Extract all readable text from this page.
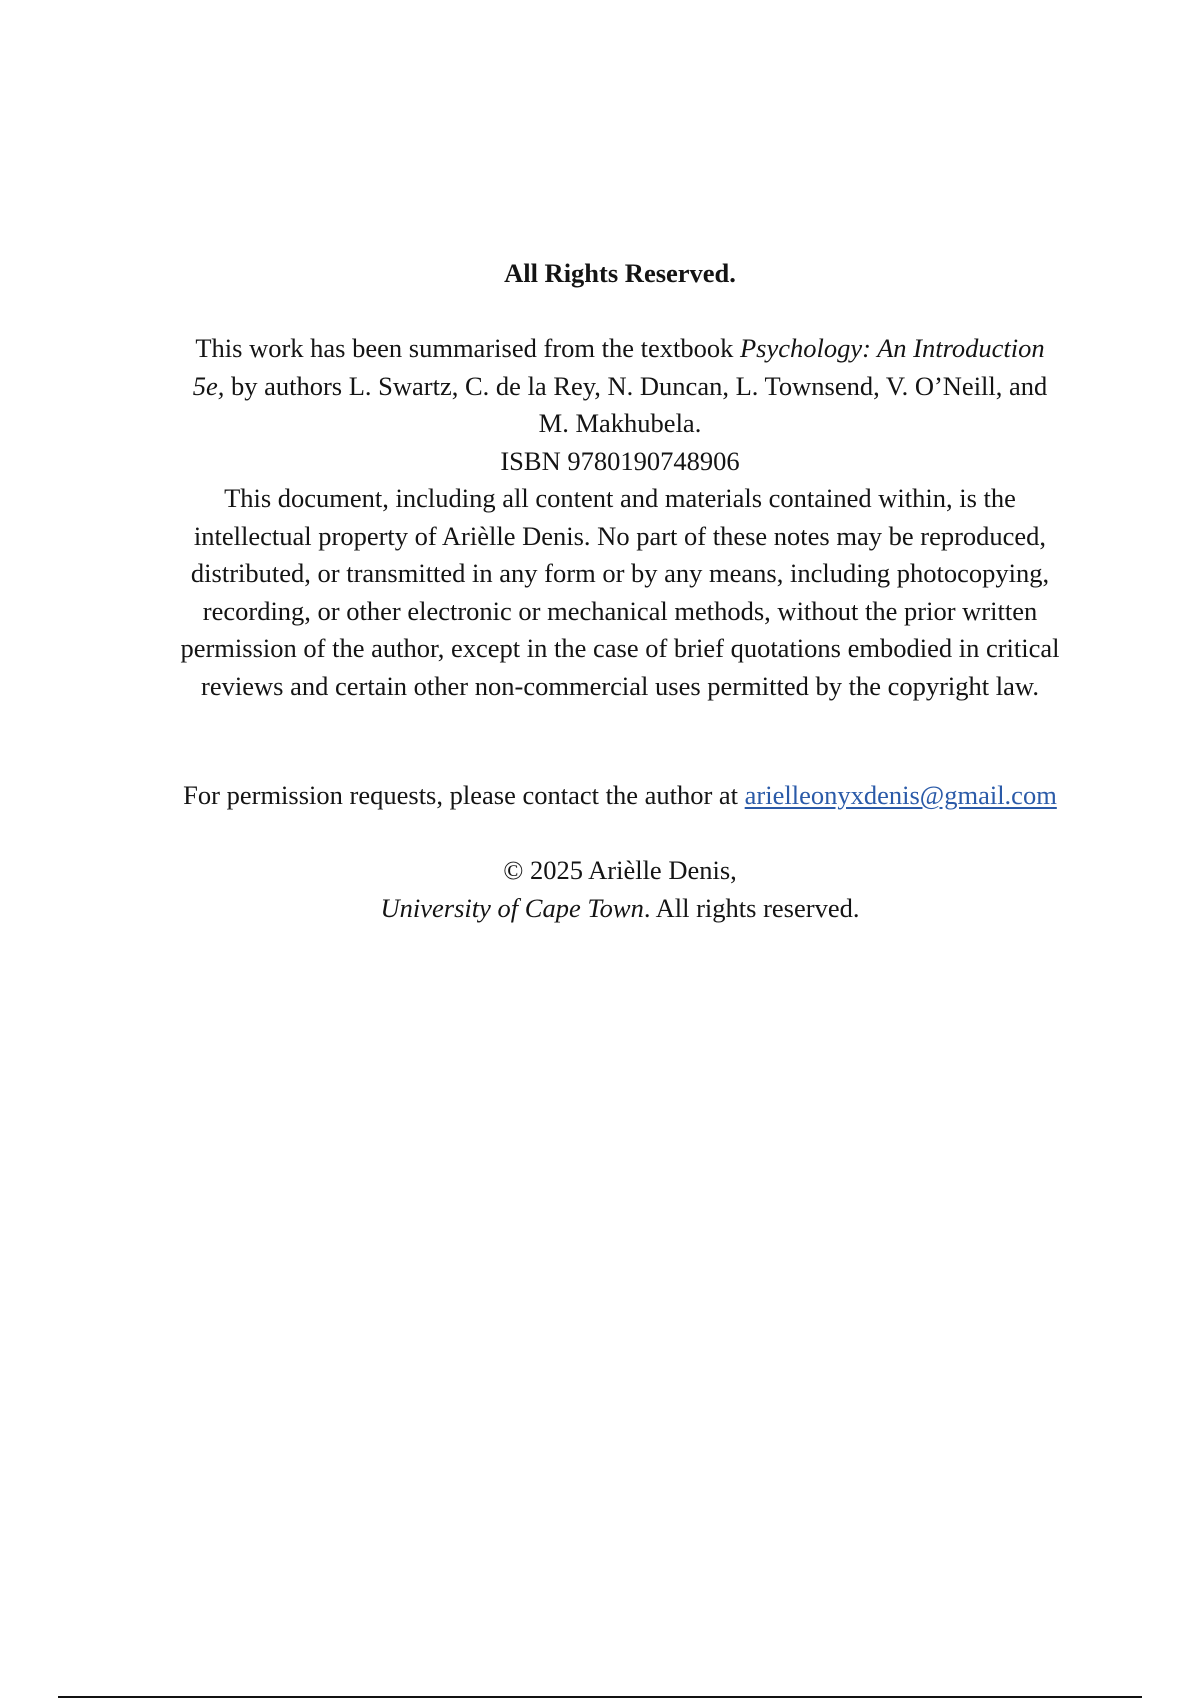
All Rights Reserved.
This work has been summarised from the textbook Psychology: An Introduction
5e, by authors L. Swartz, C. de la Rey, N. Duncan, L. Townsend, V. O’Neill, and
M. Makhubela.
ISBN 9780190748906
This document, including all content and materials contained within, is the
intellectual property of Arièlle Denis. No part of these notes may be reproduced,
distributed, or transmitted in any form or by any means, including photocopying,
recording, or other electronic or mechanical methods, without the prior written
permission of the author, except in the case of brief quotations embodied in critical
reviews and certain other non-commercial uses permitted by the copyright law.
For permission requests, please contact the author at arielleonyxdenis@gmail.com
© 2025 Arièlle Denis,
University of Cape Town. All rights reserved.
